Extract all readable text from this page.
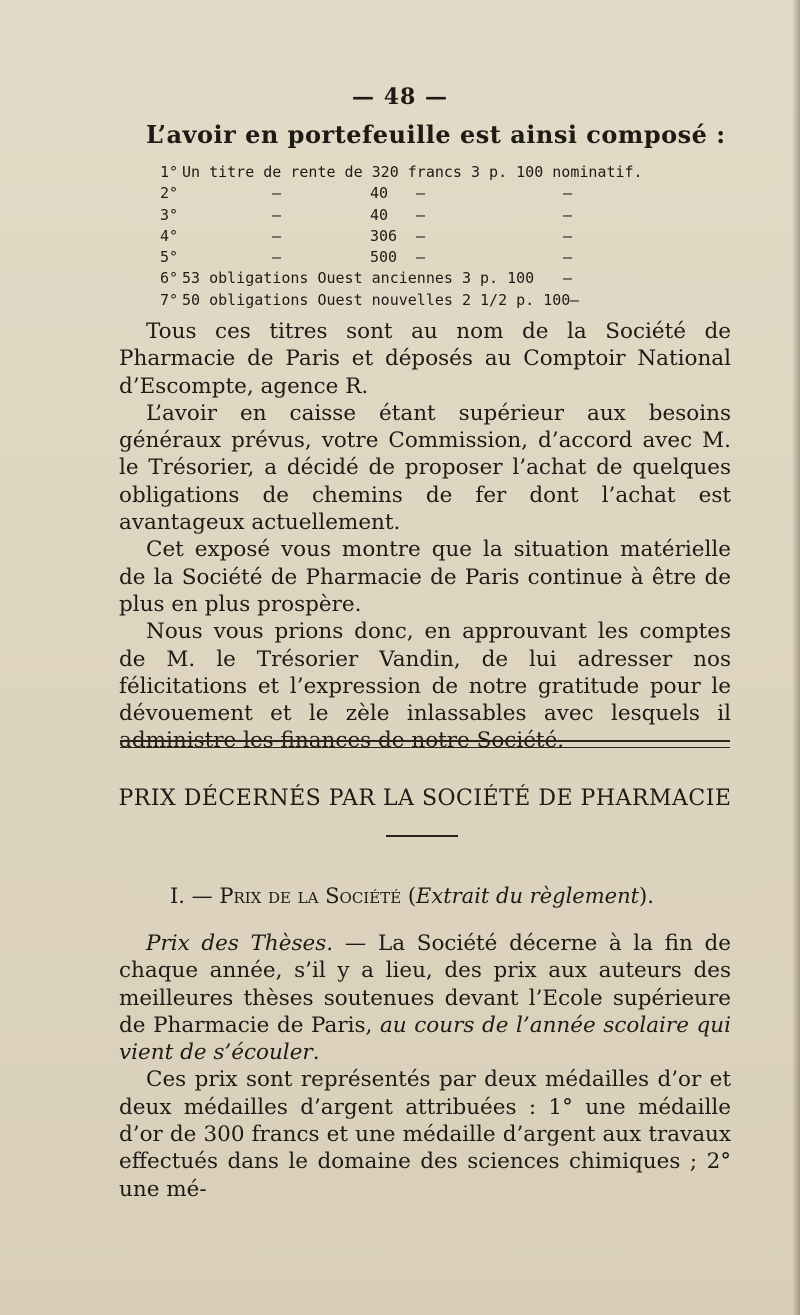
— 48 —
L’avoir en portefeuille est ainsi composé :
1° Un titre de rente de 320 francs 3 p. 100 nominatif.
2°	—	40 —	—
3°	—	40 —	—
4°	—	306 —	—
5°	—	500 —	—
6° 53 obligations Ouest anciennes 3 p. 100 —
7° 50 obligations Ouest nouvelles 2 1/2 p. 100 —

Tous ces titres sont au nom de la Société de Pharmacie de Paris et déposés au Comptoir National d’Escompte, agence R.

L’avoir en caisse étant supérieur aux besoins généraux prévus, votre Commission, d’accord avec M. le Trésorier, a décidé de proposer l’achat de quelques obligations de chemins de fer dont l’achat est avantageux actuellement.

Cet exposé vous montre que la situation matérielle de la Société de Pharmacie de Paris continue à être de plus en plus prospère.

Nous vous prions donc, en approuvant les comptes de M. le Trésorier Vandin, de lui adresser nos félicitations et l’expression de notre gratitude pour le dévouement et le zèle inlassables avec lesquels il administre les finances de notre Société.

PRIX DÉCERNÉS PAR LA SOCIÉTÉ DE PHARMACIE
I. — Prix de la Société (Extrait du règlement).

Prix des Thèses. — La Société décerne à la fin de chaque année, s’il y a lieu, des prix aux auteurs des meilleures thèses soutenues devant l’Ecole supérieure de Pharmacie de Paris, au cours de l’année scolaire qui vient de s’écouler.

Ces prix sont représentés par deux médailles d’or et deux médailles d’argent attribuées : 1° une médaille d’or de 300 francs et une médaille d’argent aux travaux effectués dans le domaine des sciences chimiques ; 2° une mé-
